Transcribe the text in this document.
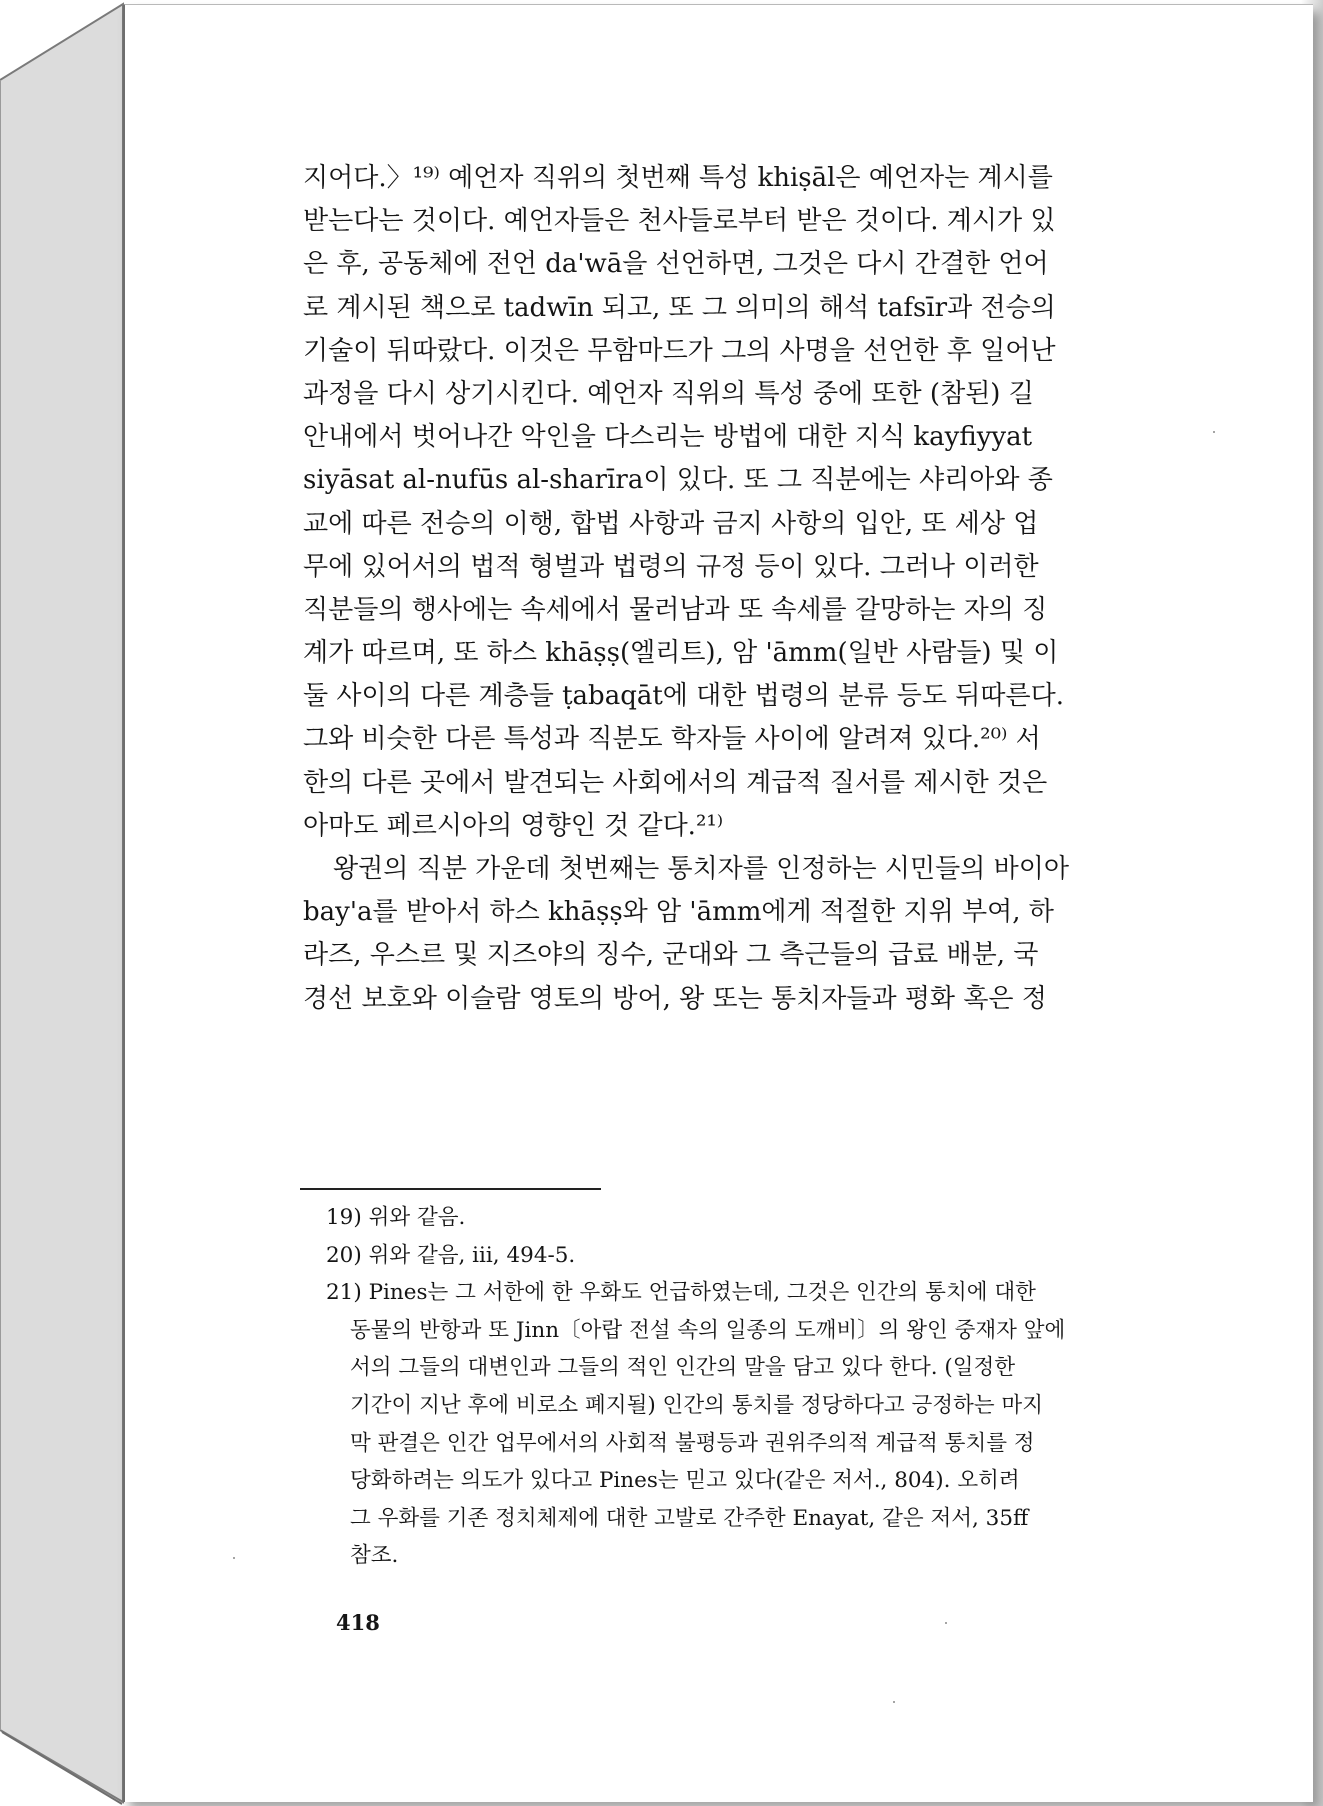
지어다.〉¹⁹⁾ 예언자 직위의 첫번째 특성 khiṣāl은 예언자는 계시를
받는다는 것이다. 예언자들은 천사들로부터 받은 것이다. 계시가 있
은 후, 공동체에 전언 da'wā을 선언하면, 그것은 다시 간결한 언어
로 계시된 책으로 tadwīn 되고, 또 그 의미의 해석 tafsīr과 전승의
기술이 뒤따랐다. 이것은 무함마드가 그의 사명을 선언한 후 일어난
과정을 다시 상기시킨다. 예언자 직위의 특성 중에 또한 (참된) 길
안내에서 벗어나간 악인을 다스리는 방법에 대한 지식 kayfiyyat
siyāsat al-nufūs al-sharīra이 있다. 또 그 직분에는 샤리아와 종
교에 따른 전승의 이행, 합법 사항과 금지 사항의 입안, 또 세상 업
무에 있어서의 법적 형벌과 법령의 규정 등이 있다. 그러나 이러한
직분들의 행사에는 속세에서 물러남과 또 속세를 갈망하는 자의 징
계가 따르며, 또 하스 khāṣṣ(엘리트), 암 'āmm(일반 사람들) 및 이
둘 사이의 다른 계층들 ṭabaqāt에 대한 법령의 분류 등도 뒤따른다.
그와 비슷한 다른 특성과 직분도 학자들 사이에 알려져 있다.²⁰⁾ 서
한의 다른 곳에서 발견되는 사회에서의 계급적 질서를 제시한 것은
아마도 페르시아의 영향인 것 같다.²¹⁾
왕권의 직분 가운데 첫번째는 통치자를 인정하는 시민들의 바이아
bay'a를 받아서 하스 khāṣṣ와 암 'āmm에게 적절한 지위 부여, 하
라즈, 우스르 및 지즈야의 징수, 군대와 그 측근들의 급료 배분, 국
경선 보호와 이슬람 영토의 방어, 왕 또는 통치자들과 평화 혹은 정
19) 위와 같음.
20) 위와 같음, iii, 494-5.
21) Pines는 그 서한에 한 우화도 언급하였는데, 그것은 인간의 통치에 대한
동물의 반항과 또 Jinn〔아랍 전설 속의 일종의 도깨비〕의 왕인 중재자 앞에
서의 그들의 대변인과 그들의 적인 인간의 말을 담고 있다 한다. (일정한
기간이 지난 후에 비로소 폐지될) 인간의 통치를 정당하다고 긍정하는 마지
막 판결은 인간 업무에서의 사회적 불평등과 권위주의적 계급적 통치를 정
당화하려는 의도가 있다고 Pines는 믿고 있다(같은 저서., 804). 오히려
그 우화를 기존 정치체제에 대한 고발로 간주한 Enayat, 같은 저서, 35ff
참조.
418
